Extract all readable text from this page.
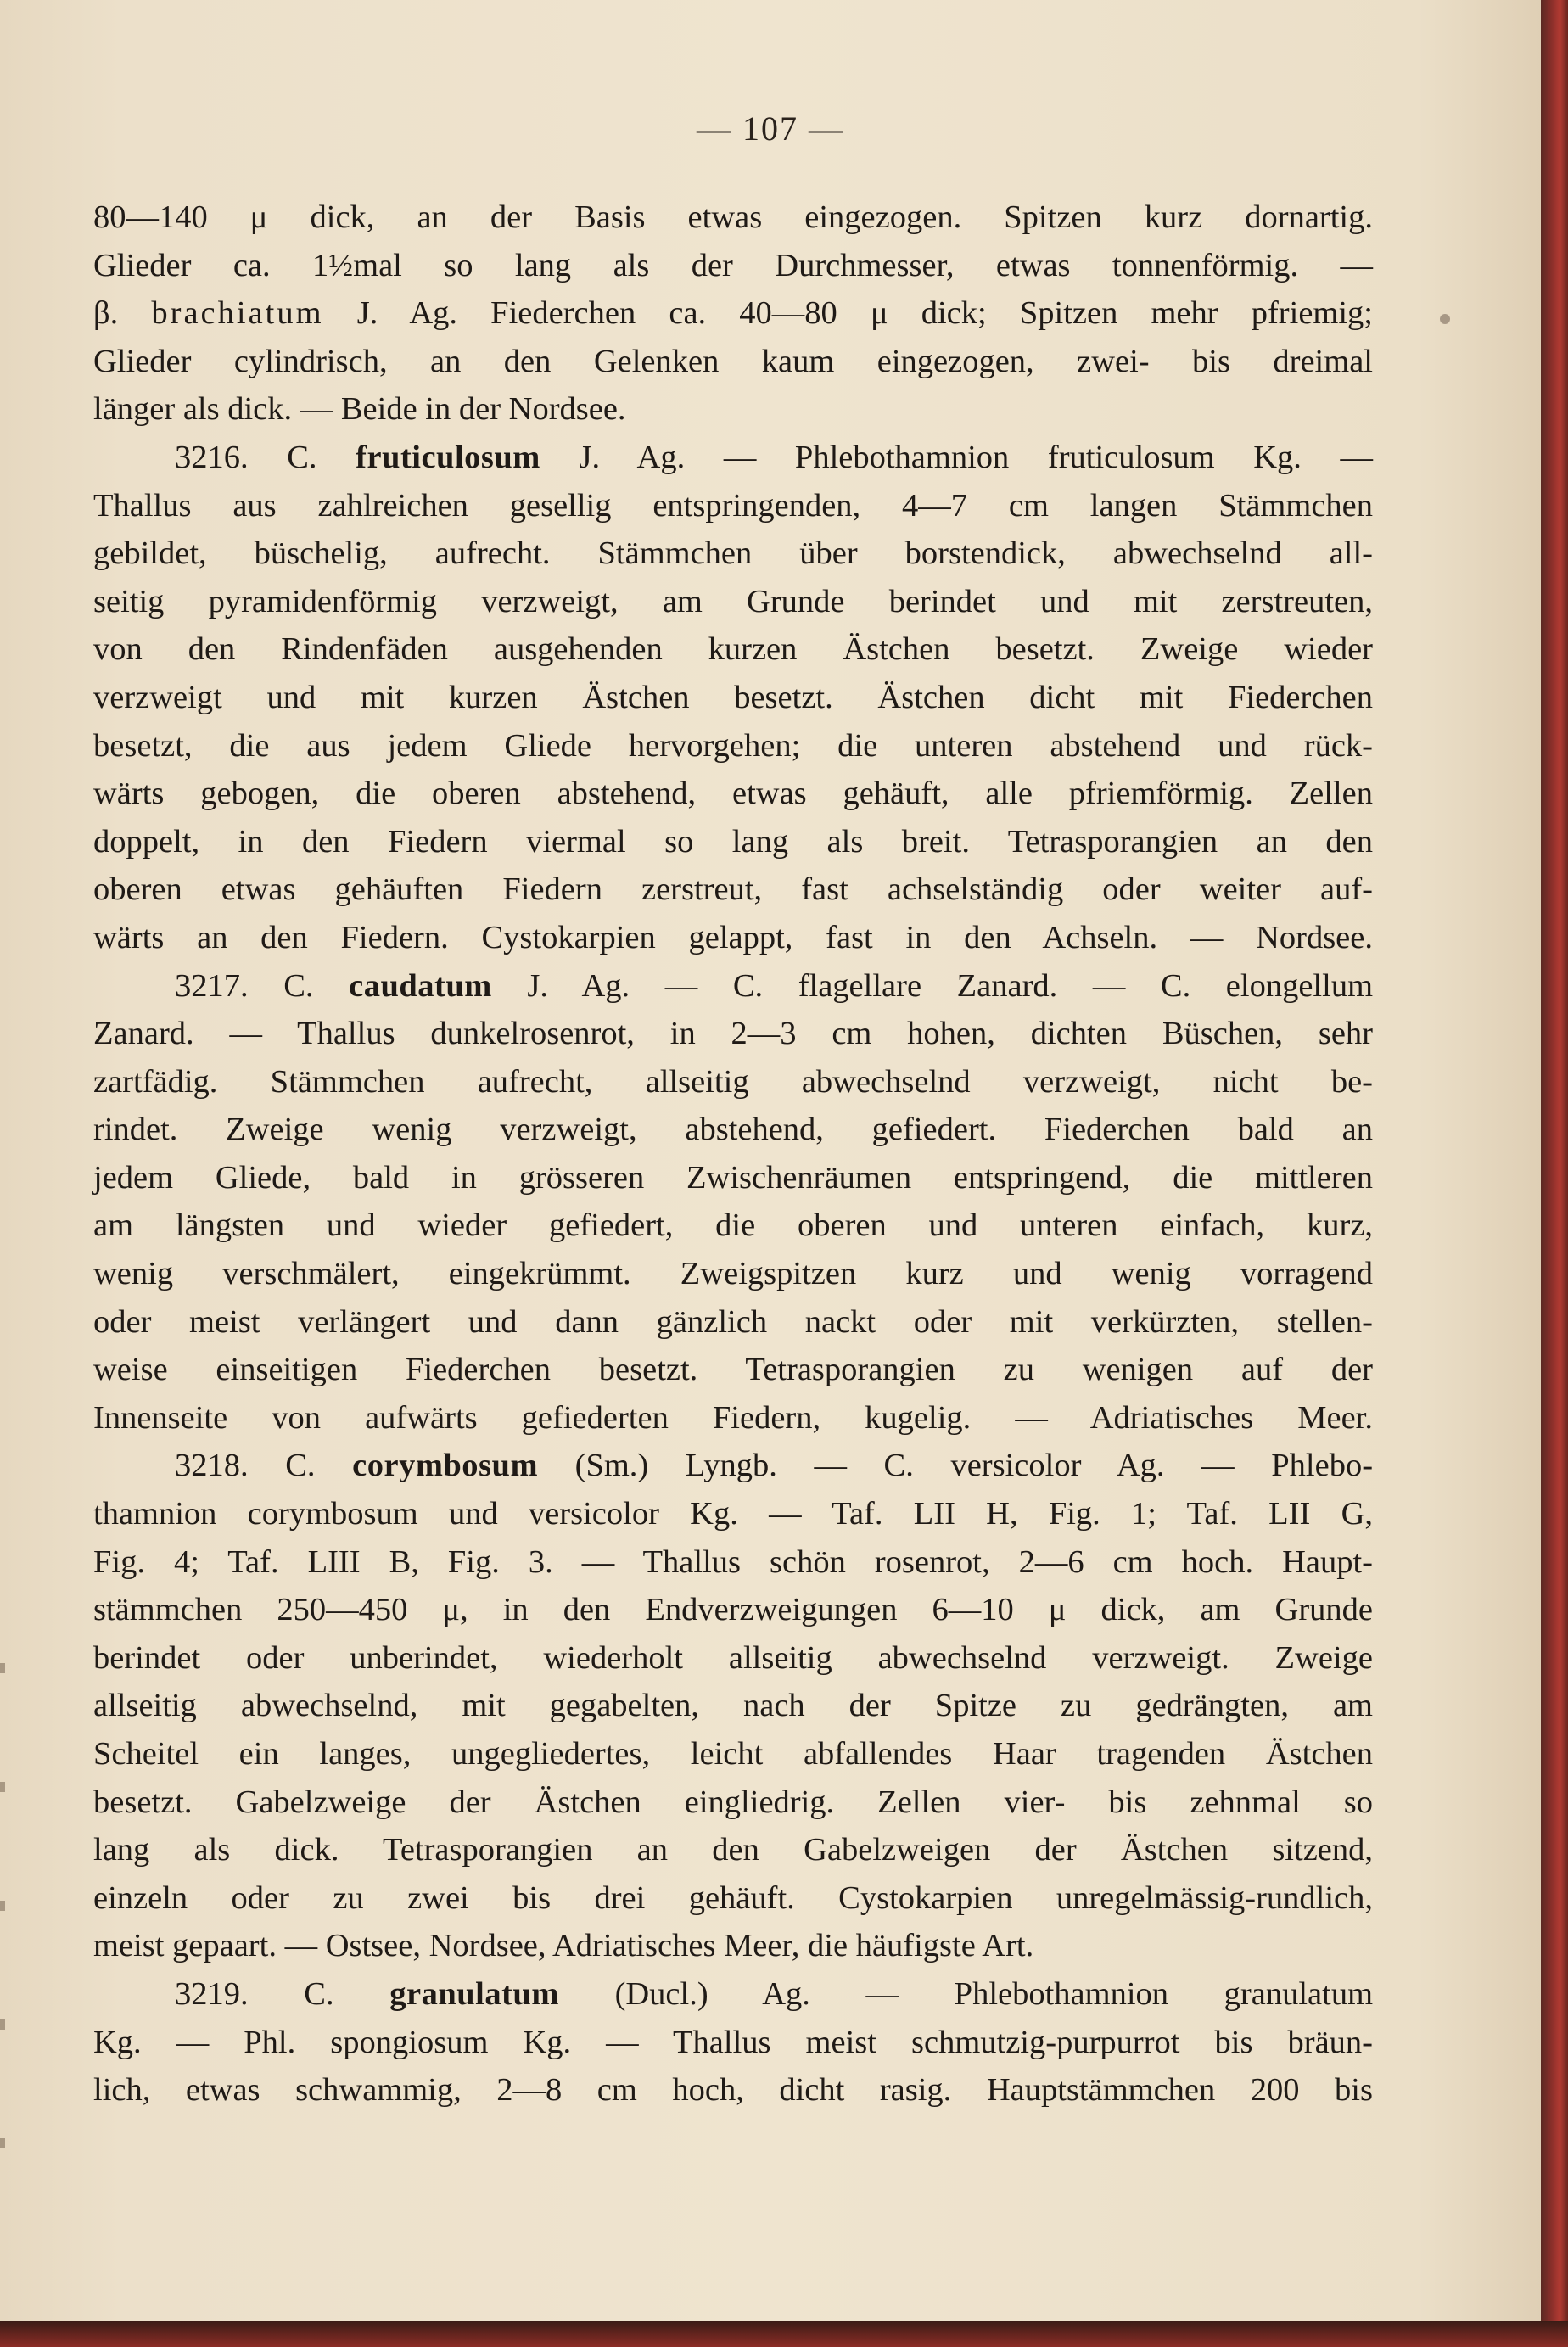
— 107 —
80—140 μ dick, an der Basis etwas eingezogen. Spitzen kurz dornartig.
Glieder ca. 1½mal so lang als der Durchmesser, etwas tonnenförmig. —
β. brachiatum J. Ag. Fiederchen ca. 40—80 μ dick; Spitzen mehr pfriemig;
Glieder cylindrisch, an den Gelenken kaum eingezogen, zwei- bis dreimal
länger als dick. — Beide in der Nordsee.
3216. C. fruticulosum J. Ag. — Phlebothamnion fruticulosum Kg. —
Thallus aus zahlreichen gesellig entspringenden, 4—7 cm langen Stämmchen
gebildet, büschelig, aufrecht. Stämmchen über borstendick, abwechselnd all-
seitig pyramidenförmig verzweigt, am Grunde berindet und mit zerstreuten,
von den Rindenfäden ausgehenden kurzen Ästchen besetzt. Zweige wieder
verzweigt und mit kurzen Ästchen besetzt. Ästchen dicht mit Fiederchen
besetzt, die aus jedem Gliede hervorgehen; die unteren abstehend und rück-
wärts gebogen, die oberen abstehend, etwas gehäuft, alle pfriemförmig. Zellen
doppelt, in den Fiedern viermal so lang als breit. Tetrasporangien an den
oberen etwas gehäuften Fiedern zerstreut, fast achselständig oder weiter auf-
wärts an den Fiedern. Cystokarpien gelappt, fast in den Achseln. — Nordsee.
3217. C. caudatum J. Ag. — C. flagellare Zanard. — C. elongellum
Zanard. — Thallus dunkelrosenrot, in 2—3 cm hohen, dichten Büschen, sehr
zartfädig. Stämmchen aufrecht, allseitig abwechselnd verzweigt, nicht be-
rindet. Zweige wenig verzweigt, abstehend, gefiedert. Fiederchen bald an
jedem Gliede, bald in grösseren Zwischenräumen entspringend, die mittleren
am längsten und wieder gefiedert, die oberen und unteren einfach, kurz,
wenig verschmälert, eingekrümmt. Zweigspitzen kurz und wenig vorragend
oder meist verlängert und dann gänzlich nackt oder mit verkürzten, stellen-
weise einseitigen Fiederchen besetzt. Tetrasporangien zu wenigen auf der
Innenseite von aufwärts gefiederten Fiedern, kugelig. — Adriatisches Meer.
3218. C. corymbosum (Sm.) Lyngb. — C. versicolor Ag. — Phlebo-
thamnion corymbosum und versicolor Kg. — Taf. LII H, Fig. 1; Taf. LII G,
Fig. 4; Taf. LIII B, Fig. 3. — Thallus schön rosenrot, 2—6 cm hoch. Haupt-
stämmchen 250—450 μ, in den Endverzweigungen 6—10 μ dick, am Grunde
berindet oder unberindet, wiederholt allseitig abwechselnd verzweigt. Zweige
allseitig abwechselnd, mit gegabelten, nach der Spitze zu gedrängten, am
Scheitel ein langes, ungegliedertes, leicht abfallendes Haar tragenden Ästchen
besetzt. Gabelzweige der Ästchen eingliedrig. Zellen vier- bis zehnmal so
lang als dick. Tetrasporangien an den Gabelzweigen der Ästchen sitzend,
einzeln oder zu zwei bis drei gehäuft. Cystokarpien unregelmässig-rundlich,
meist gepaart. — Ostsee, Nordsee, Adriatisches Meer, die häufigste Art.
3219. C. granulatum (Ducl.) Ag. — Phlebothamnion granulatum
Kg. — Phl. spongiosum Kg. — Thallus meist schmutzig-purpurrot bis bräun-
lich, etwas schwammig, 2—8 cm hoch, dicht rasig. Hauptstämmchen 200 bis
